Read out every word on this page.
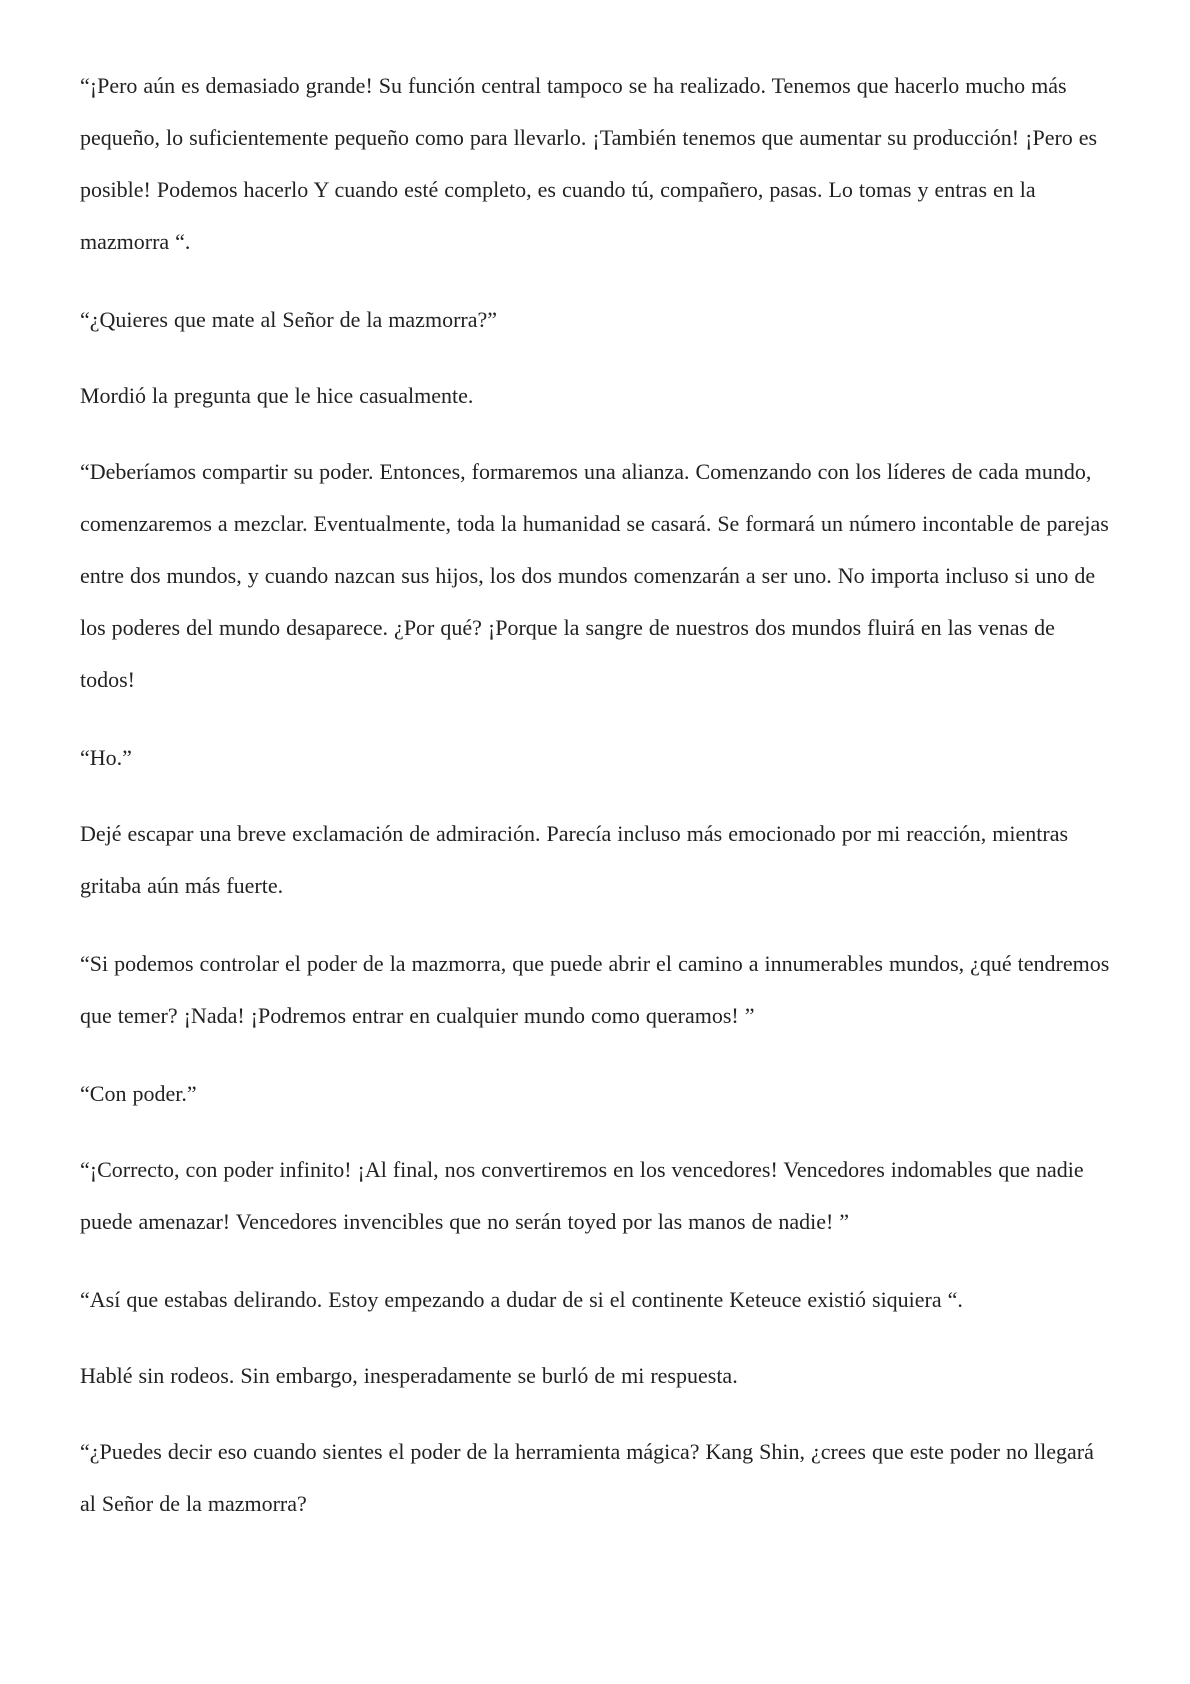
“¡Pero aún es demasiado grande! Su función central tampoco se ha realizado. Tenemos que hacerlo mucho más pequeño, lo suficientemente pequeño como para llevarlo. ¡También tenemos que aumentar su producción! ¡Pero es posible! Podemos hacerlo Y cuando esté completo, es cuando tú, compañero, pasas. Lo tomas y entras en la mazmorra “.

“¿Quieres que mate al Señor de la mazmorra?”

Mordió la pregunta que le hice casualmente.

“Deberíamos compartir su poder. Entonces, formaremos una alianza. Comenzando con los líderes de cada mundo, comenzaremos a mezclar. Eventualmente, toda la humanidad se casará. Se formará un número incontable de parejas entre dos mundos, y cuando nazcan sus hijos, los dos mundos comenzarán a ser uno. No importa incluso si uno de los poderes del mundo desaparece. ¿Por qué? ¡Porque la sangre de nuestros dos mundos fluirá en las venas de todos!

“Ho.”

Dejé escapar una breve exclamación de admiración. Parecía incluso más emocionado por mi reacción, mientras gritaba aún más fuerte.

“Si podemos controlar el poder de la mazmorra, que puede abrir el camino a innumerables mundos, ¿qué tendremos que temer? ¡Nada! ¡Podremos entrar en cualquier mundo como queramos! ”

“Con poder.”

“¡Correcto, con poder infinito! ¡Al final, nos convertiremos en los vencedores! Vencedores indomables que nadie puede amenazar! Vencedores invencibles que no serán toyed por las manos de nadie! ”

“Así que estabas delirando. Estoy empezando a dudar de si el continente Keteuce existió siquiera “.

Hablé sin rodeos. Sin embargo, inesperadamente se burló de mi respuesta.

“¿Puedes decir eso cuando sientes el poder de la herramienta mágica? Kang Shin, ¿crees que este poder no llegará al Señor de la mazmorra?
